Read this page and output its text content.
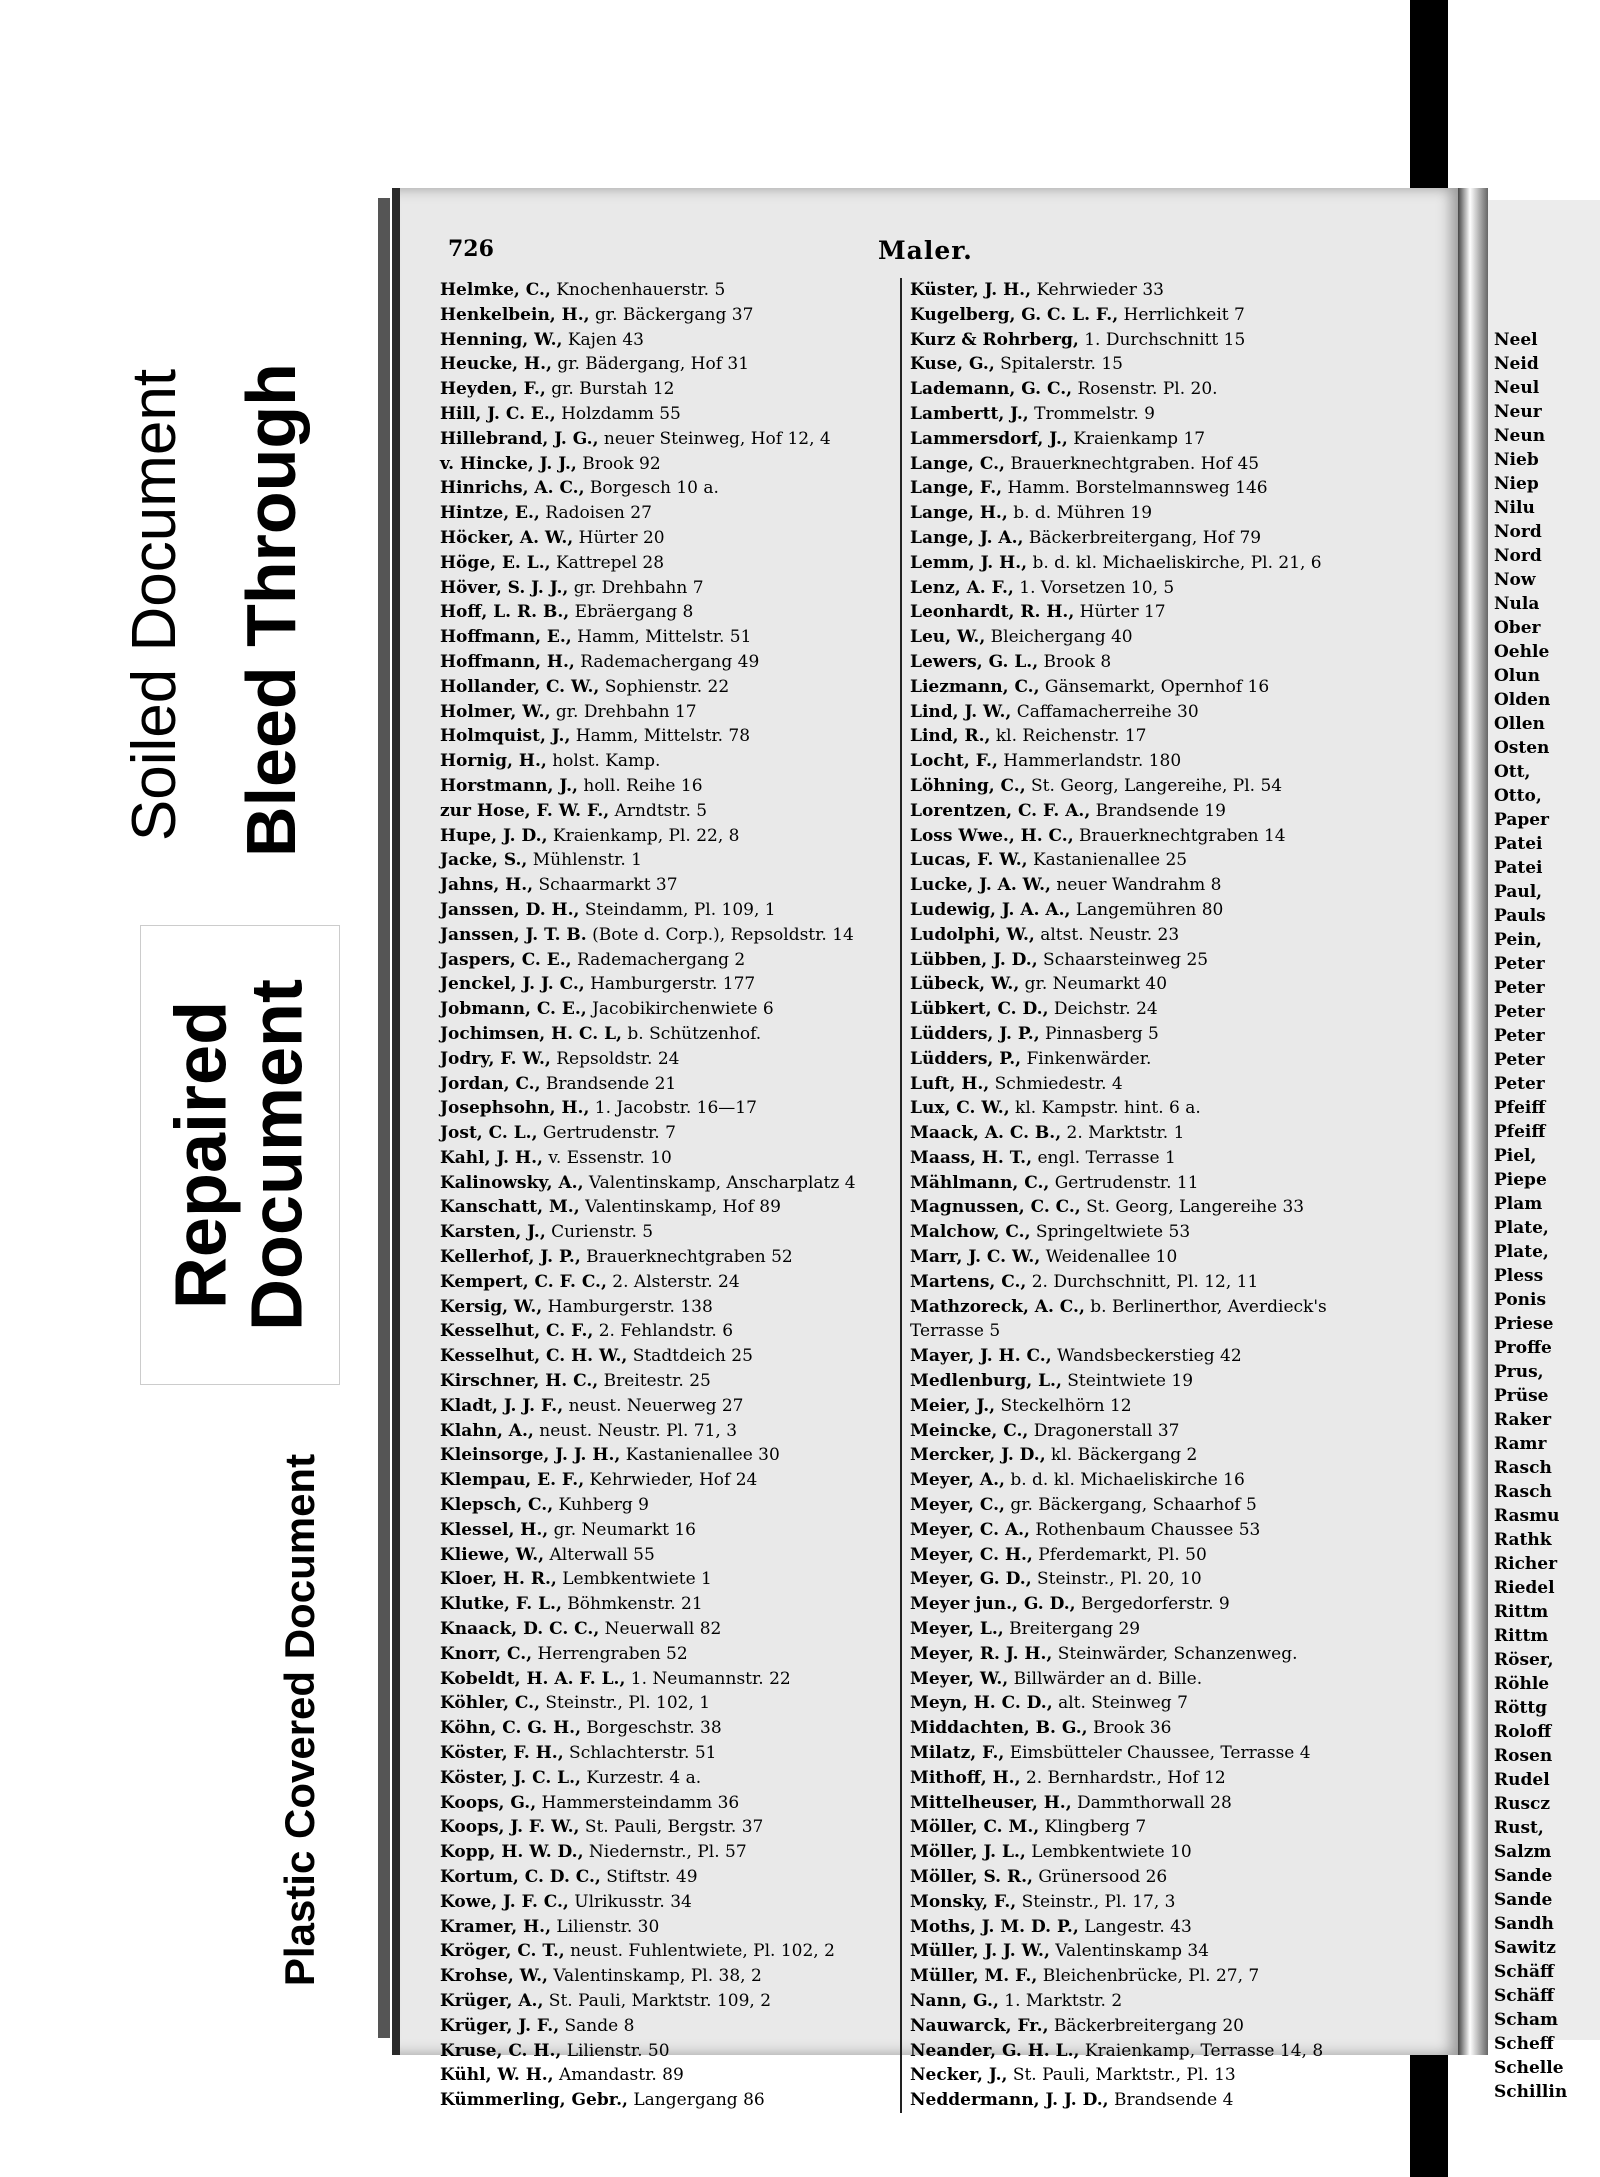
Soiled Document Bleed Through
Repaired
Document
Plastic Covered Document
Neel
Neid
Neul
Neur
Neun
Nieb
Niep
Nilu
Nord
Nord
Now
Nula
Ober
Oehle
Olun
Olden
Ollen
Osten
Ott,
Otto,
Paper
Patei
Patei
Paul,
Pauls
Pein,
Peter
Peter
Peter
Peter
Peter
Peter
Pfeiff
Pfeiff
Piel,
Piepe
Plam
Plate,
Plate,
Pless
Ponis
Priese
Proffe
Prus,
Prüse
Raker
Ramr
Rasch
Rasch
Rasmu
Rathk
Richer
Riedel
Rittm
Rittm
Röser,
Röhle
Röttg
Roloff
Rosen
Rudel
Ruscz
Rust,
Salzm
Sande
Sande
Sandh
Sawitz
Schäff
Schäff
Scham
Scheff
Schelle
Schillin
726	Maler.
Helmke, C., Knochenhauerstr. 5
Henkelbein, H., gr. Bäckergang 37
Henning, W., Kajen 43
Heucke, H., gr. Bädergang, Hof 31
Heyden, F., gr. Burstah 12
Hill, J. C. E., Holzdamm 55
Hillebrand, J. G., neuer Steinweg, Hof 12, 4
v. Hincke, J. J., Brook 92
Hinrichs, A. C., Borgesch 10 a.
Hintze, E., Radoisen 27
Höcker, A. W., Hürter 20
Höge, E. L., Kattrepel 28
Höver, S. J. J., gr. Drehbahn 7
Hoff, L. R. B., Ebräergang 8
Hoffmann, E., Hamm, Mittelstr. 51
Hoffmann, H., Rademachergang 49
Hollander, C. W., Sophienstr. 22
Holmer, W., gr. Drehbahn 17
Holmquist, J., Hamm, Mittelstr. 78
Hornig, H., holst. Kamp.
Horstmann, J., holl. Reihe 16
zur Hose, F. W. F., Arndtstr. 5
Hupe, J. D., Kraienkamp, Pl. 22, 8
Jacke, S., Mühlenstr. 1
Jahns, H., Schaarmarkt 37
Janssen, D. H., Steindamm, Pl. 109, 1
Janssen, J. T. B. (Bote d. Corp.), Repsoldstr. 14
Jaspers, C. E., Rademachergang 2
Jenckel, J. J. C., Hamburgerstr. 177
Jobmann, C. E., Jacobikirchenwiete 6
Jochimsen, H. C. L, b. Schützenhof.
Jodry, F. W., Repsoldstr. 24
Jordan, C., Brandsende 21
Josephsohn, H., 1. Jacobstr. 16—17
Jost, C. L., Gertrudenstr. 7
Kahl, J. H., v. Essenstr. 10
Kalinowsky, A., Valentinskamp, Anscharplatz 4
Kanschatt, M., Valentinskamp, Hof 89
Karsten, J., Curienstr. 5
Kellerhof, J. P., Brauerknechtgraben 52
Kempert, C. F. C., 2. Alsterstr. 24
Kersig, W., Hamburgerstr. 138
Kesselhut, C. F., 2. Fehlandstr. 6
Kesselhut, C. H. W., Stadtdeich 25
Kirschner, H. C., Breitestr. 25
Kladt, J. J. F., neust. Neuerweg 27
Klahn, A., neust. Neustr. Pl. 71, 3
Kleinsorge, J. J. H., Kastanienallee 30
Klempau, E. F., Kehrwieder, Hof 24
Klepsch, C., Kuhberg 9
Klessel, H., gr. Neumarkt 16
Kliewe, W., Alterwall 55
Kloer, H. R., Lembkentwiete 1
Klutke, F. L., Böhmkenstr. 21
Knaack, D. C. C., Neuerwall 82
Knorr, C., Herrengraben 52
Kobeldt, H. A. F. L., 1. Neumannstr. 22
Köhler, C., Steinstr., Pl. 102, 1
Köhn, C. G. H., Borgeschstr. 38
Köster, F. H., Schlachterstr. 51
Köster, J. C. L., Kurzestr. 4 a.
Koops, G., Hammersteindamm 36
Koops, J. F. W., St. Pauli, Bergstr. 37
Kopp, H. W. D., Niedernstr., Pl. 57
Kortum, C. D. C., Stiftstr. 49
Kowe, J. F. C., Ulrikusstr. 34
Kramer, H., Lilienstr. 30
Kröger, C. T., neust. Fuhlentwiete, Pl. 102, 2
Krohse, W., Valentinskamp, Pl. 38, 2
Krüger, A., St. Pauli, Marktstr. 109, 2
Krüger, J. F., Sande 8
Kruse, C. H., Lilienstr. 50
Kühl, W. H., Amandastr. 89
Kümmerling, Gebr., Langergang 86
Küster, J. H., Kehrwieder 33
Kugelberg, G. C. L. F., Herrlichkeit 7
Kurz & Rohrberg, 1. Durchschnitt 15
Kuse, G., Spitalerstr. 15
Lademann, G. C., Rosenstr. Pl. 20.
Lambertt, J., Trommelstr. 9
Lammersdorf, J., Kraienkamp 17
Lange, C., Brauerknechtgraben. Hof 45
Lange, F., Hamm. Borstelmannsweg 146
Lange, H., b. d. Mühren 19
Lange, J. A., Bäckerbreitergang, Hof 79
Lemm, J. H., b. d. kl. Michaeliskirche, Pl. 21, 6
Lenz, A. F., 1. Vorsetzen 10, 5
Leonhardt, R. H., Hürter 17
Leu, W., Bleichergang 40
Lewers, G. L., Brook 8
Liezmann, C., Gänsemarkt, Opernhof 16
Lind, J. W., Caffamacherreihe 30
Lind, R., kl. Reichenstr. 17
Locht, F., Hammerlandstr. 180
Löhning, C., St. Georg, Langereihe, Pl. 54
Lorentzen, C. F. A., Brandsende 19
Loss Wwe., H. C., Brauerknechtgraben 14
Lucas, F. W., Kastanienallee 25
Lucke, J. A. W., neuer Wandrahm 8
Ludewig, J. A. A., Langemühren 80
Ludolphi, W., altst. Neustr. 23
Lübben, J. D., Schaarsteinweg 25
Lübeck, W., gr. Neumarkt 40
Lübkert, C. D., Deichstr. 24
Lüdders, J. P., Pinnasberg 5
Lüdders, P., Finkenwärder.
Luft, H., Schmiedestr. 4
Lux, C. W., kl. Kampstr. hint. 6 a.
Maack, A. C. B., 2. Marktstr. 1
Maass, H. T., engl. Terrasse 1
Mählmann, C., Gertrudenstr. 11
Magnussen, C. C., St. Georg, Langereihe 33
Malchow, C., Springeltwiete 53
Marr, J. C. W., Weidenallee 10
Martens, C., 2. Durchschnitt, Pl. 12, 11
Mathzoreck, A. C., b. Berlinerthor, Averdieck's
Terrasse 5
Mayer, J. H. C., Wandsbeckerstieg 42
Medlenburg, L., Steintwiete 19
Meier, J., Steckelhörn 12
Meincke, C., Dragonerstall 37
Mercker, J. D., kl. Bäckergang 2
Meyer, A., b. d. kl. Michaeliskirche 16
Meyer, C., gr. Bäckergang, Schaarhof 5
Meyer, C. A., Rothenbaum Chaussee 53
Meyer, C. H., Pferdemarkt, Pl. 50
Meyer, G. D., Steinstr., Pl. 20, 10
Meyer jun., G. D., Bergedorferstr. 9
Meyer, L., Breitergang 29
Meyer, R. J. H., Steinwärder, Schanzenweg.
Meyer, W., Billwärder an d. Bille.
Meyn, H. C. D., alt. Steinweg 7
Middachten, B. G., Brook 36
Milatz, F., Eimsbütteler Chaussee, Terrasse 4
Mithoff, H., 2. Bernhardstr., Hof 12
Mittelheuser, H., Dammthorwall 28
Möller, C. M., Klingberg 7
Möller, J. L., Lembkentwiete 10
Möller, S. R., Grünersood 26
Monsky, F., Steinstr., Pl. 17, 3
Moths, J. M. D. P., Langestr. 43
Müller, J. J. W., Valentinskamp 34
Müller, M. F., Bleichenbrücke, Pl. 27, 7
Nann, G., 1. Marktstr. 2
Nauwarck, Fr., Bäckerbreitergang 20
Neander, G. H. L., Kraienkamp, Terrasse 14, 8
Necker, J., St. Pauli, Marktstr., Pl. 13
Neddermann, J. J. D., Brandsende 4
